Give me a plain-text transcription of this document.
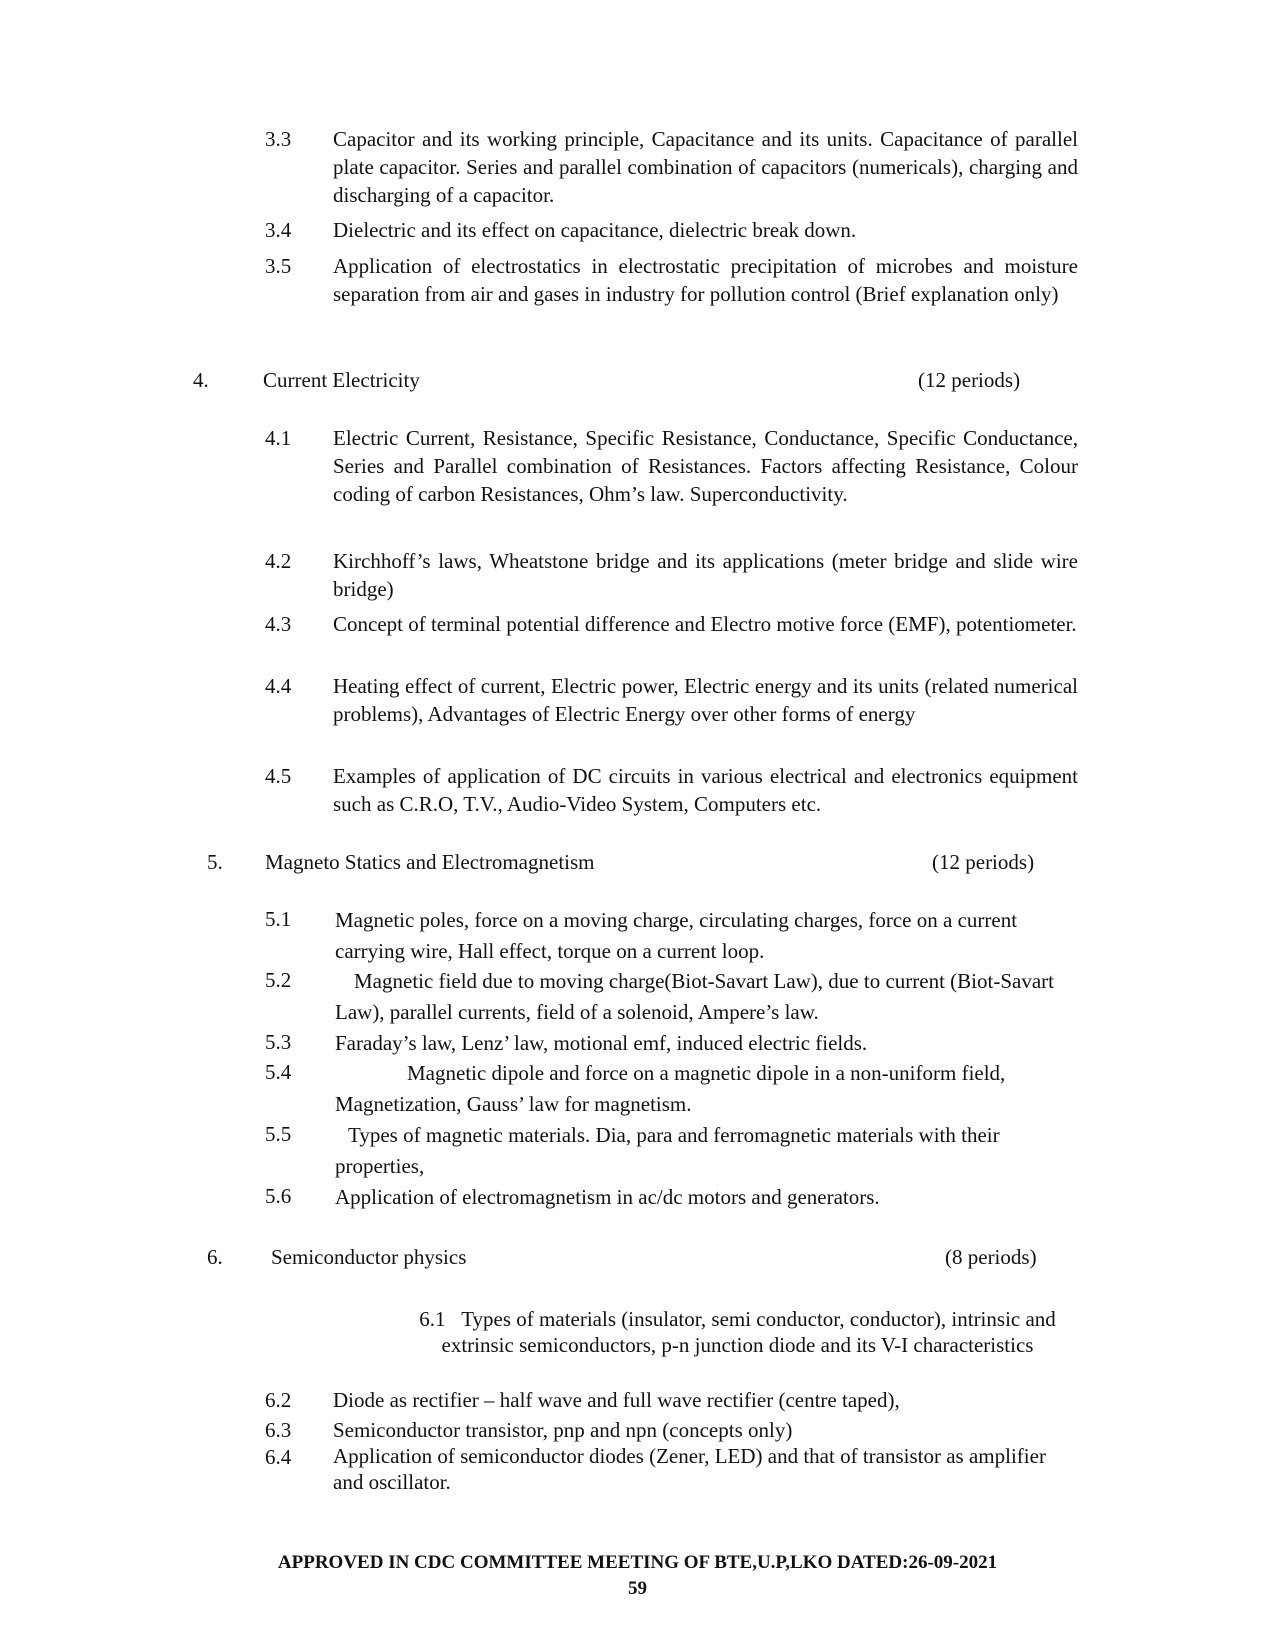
3.3 Capacitor and its working principle, Capacitance and its units. Capacitance of parallel plate capacitor. Series and parallel combination of capacitors (numericals), charging and discharging of a capacitor.
3.4 Dielectric and its effect on capacitance, dielectric break down.
3.5 Application of electrostatics in electrostatic precipitation of microbes and moisture separation from air and gases in industry for pollution control (Brief explanation only)
4.	Current Electricity	(12 periods)
4.1 Electric Current, Resistance, Specific Resistance, Conductance, Specific Conductance, Series and Parallel combination of Resistances. Factors affecting Resistance, Colour coding of carbon Resistances, Ohm’s law. Superconductivity.
4.2 Kirchhoff’s laws, Wheatstone bridge and its applications (meter bridge and slide wire bridge)
4.3 Concept of terminal potential difference and Electro motive force (EMF), potentiometer.
4.4 Heating effect of current, Electric power, Electric energy and its units (related numerical problems), Advantages of Electric Energy over other forms of energy
4.5 Examples of application of DC circuits in various electrical and electronics equipment such as C.R.O, T.V., Audio-Video System, Computers etc.
5. Magneto Statics and Electromagnetism	(12 periods)
5.1 Magnetic poles, force on a moving charge, circulating charges, force on a current carrying wire, Hall effect, torque on a current loop.
5.2	Magnetic field due to moving charge(Biot-Savart Law), due to current (Biot-Savart Law), parallel currents, field of a solenoid, Ampere’s law.
5.3 Faraday’s law, Lenz’ law, motional emf, induced electric fields.
5.4	Magnetic dipole and force on a magnetic dipole in a non-uniform field, Magnetization, Gauss’ law for magnetism.
5.5	Types of magnetic materials. Dia, para and ferromagnetic materials with their properties,
5.6 Application of electromagnetism in ac/dc motors and generators.
6. Semiconductor physics	(8 periods)
6.1 Types of materials (insulator, semi conductor, conductor), intrinsic and extrinsic semiconductors, p-n junction diode and its V-I characteristics
6.2 Diode as rectifier – half wave and full wave rectifier (centre taped),
6.3 Semiconductor transistor, pnp and npn (concepts only)
6.4 Application of semiconductor diodes (Zener, LED) and that of transistor as amplifier and oscillator.
APPROVED IN CDC COMMITTEE MEETING OF BTE,U.P,LKO DATED:26-09-2021
59
